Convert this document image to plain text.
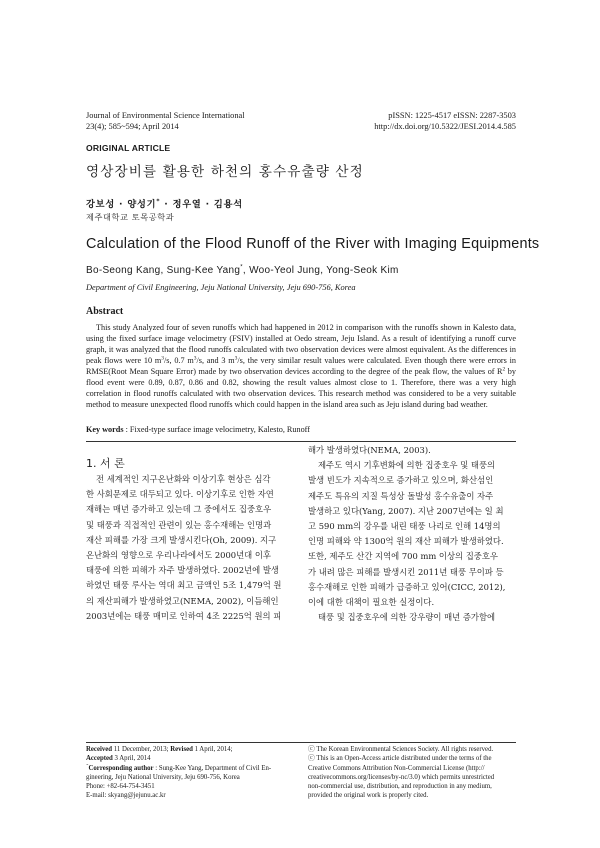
Journal of Environmental Science International
23(4); 585~594; April 2014
pISSN: 1225-4517 eISSN: 2287-3503
http://dx.doi.org/10.5322/JESI.2014.4.585
ORIGINAL ARTICLE
영상장비를 활용한 하천의 홍수유출량 산정
강보성 · 양성기* · 정우열 · 김용석
제주대학교 토목공학과
Calculation of the Flood Runoff of the River with Imaging Equipments
Bo-Seong Kang, Sung-Kee Yang*, Woo-Yeol Jung, Yong-Seok Kim
Department of Civil Engineering, Jeju National University, Jeju 690-756, Korea
Abstract
This study Analyzed four of seven runoffs which had happened in 2012 in comparison with the runoffs shown in Kalesto data, using the fixed surface image velocimetry (FSIV) installed at Oedo stream, Jeju Island. As a result of identifying a runoff curve graph, it was analyzed that the flood runoffs calculated with two observation devices were almost equivalent. As the differences in peak flows were 10 $m^3/s$, 0.7 $m^3/s$, and 3 $m^3/s$, the very similar result values were calculated. Even though there were errors in RMSE(Root Mean Square Error) made by two observation devices according to the degree of the peak flow, the values of $R^2$ by flood event were 0.89, 0.87, 0.86 and 0.82, showing the result values almost close to 1. Therefore, there was a very high correlation in flood runoffs calculated with two observation devices. This research method was considered to be a very suitable method to measure unexpected flood runoffs which could happen in the island area such as Jeju island during bad weather.
Key words : Fixed-type surface image velocimetry, Kalesto, Runoff
1. 서 론
전 세계적인 지구온난화와 이상기후 현상은 심각
한 사회문제로 대두되고 있다. 이상기후로 인한 자연
재해는 매년 증가하고 있는데 그 중에서도 집중호우
및 태풍과 직접적인 관련이 있는 홍수재해는 인명과
재산 피해를 가장 크게 발생시킨다(Oh, 2009). 지구
온난화의 영향으로 우리나라에서도 2000년대 이후
태풍에 의한 피해가 자주 발생하였다. 2002년에 발생
하였던 태풍 루사는 역대 최고 금액인 5조 1,479억 원
의 재산피해가 발생하였고(NEMA, 2002), 이듬해인
2003년에는 태풍 매미로 인하여 4조 2225억 원의 피
해가 발생하였다(NEMA, 2003).
제주도 역시 기후변화에 의한 집중호우 및 태풍의
발생 빈도가 지속적으로 증가하고 있으며, 화산섬인
제주도 특유의 지질 특성상 돌발성 홍수유출이 자주
발생하고 있다(Yang, 2007). 지난 2007년에는 일 최
고 590 mm의 강우를 내린 태풍 나리로 인해 14명의
인명 피해와 약 1300억 원의 재산 피해가 발생하였다.
또한, 제주도 산간 지역에 700 mm 이상의 집중호우
가 내려 많은 피해를 발생시킨 2011년 태풍 무이파 등
홍수재해로 인한 피해가 급증하고 있어(CICC, 2012),
이에 대한 대책이 필요한 실정이다.
태풍 및 집중호우에 의한 강우량이 매년 증가함에
Received 11 December, 2013; Revised 1 April, 2014;
Accepted 3 April, 2014
*Corresponding author : Sung-Kee Yang, Department of Civil En-
gineering, Jeju National University, Jeju 690-756, Korea
Phone: +82-64-754-3451
E-mail: skyang@jejunu.ac.kr
ⓒ The Korean Environmental Sciences Society. All rights reserved.
ⓒ This is an Open-Access article distributed under the terms of the
Creative Commons Attribution Non-Commercial License (http://
creativecommons.org/licenses/by-nc/3.0) which permits unrestricted
non-commercial use, distribution, and reproduction in any medium,
provided the original work is properly cited.
